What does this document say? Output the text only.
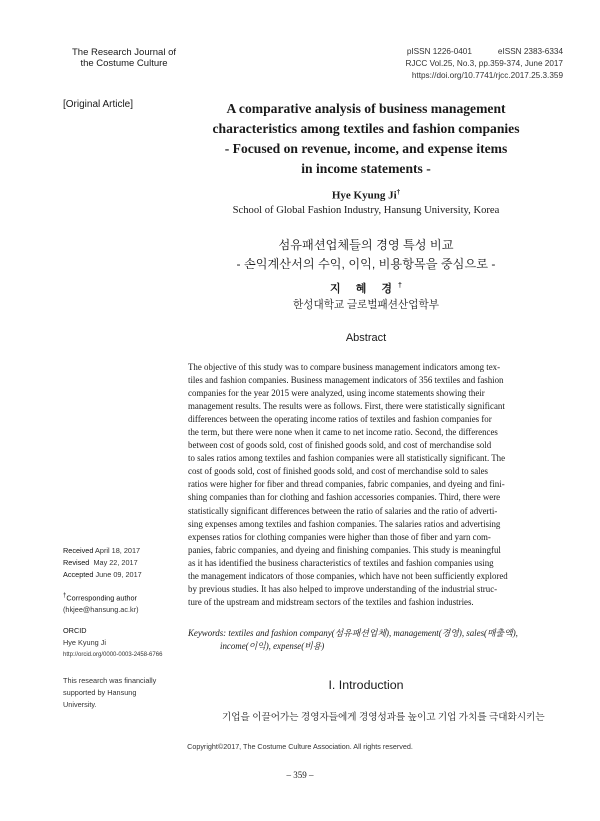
The Research Journal of
the Costume Culture
pISSN 1226-0401	eISSN 2383-6334
RJCC Vol.25, No.3, pp.359-374, June 2017
https://doi.org/10.7741/rjcc.2017.25.3.359
[Original Article]	A comparative analysis of business management
characteristics among textiles and fashion companies
- Focused on revenue, income, and expense items
in income statements -
Hye Kyung Ji†
School of Global Fashion Industry, Hansung University, Korea
섬유패션업체들의 경영 특성 비교
- 손익계산서의 수익, 이익, 비용항목을 중심으로 -
지 혜 경†
한성대학교 글로벌패션산업학부
Abstract
The objective of this study was to compare business management indicators among tex-
tiles and fashion companies. Business management indicators of 356 textiles and fashion
companies for the year 2015 were analyzed, using income statements showing their
management results. The results were as follows. First, there were statistically significant
differences between the operating income ratios of textiles and fashion companies for
the term, but there were none when it came to net income ratio. Second, the differences
between cost of goods sold, cost of finished goods sold, and cost of merchandise sold
to sales ratios among textiles and fashion companies were all statistically significant. The
cost of goods sold, cost of finished goods sold, and cost of merchandise sold to sales
ratios were higher for fiber and thread companies, fabric companies, and dyeing and fini-
shing companies than for clothing and fashion accessories companies. Third, there were
statistically significant differences between the ratio of salaries and the ratio of adverti-
sing expenses among textiles and fashion companies. The salaries ratios and advertising
expenses ratios for clothing companies were higher than those of fiber and yarn com-
panies, fabric companies, and dyeing and finishing companies. This study is meaningful
as it has identified the business characteristics of textiles and fashion companies using
the management indicators of those companies, which have not been sufficiently explored
by previous studies. It has also helped to improve understanding of the industrial struc-
ture of the upstream and midstream sectors of the textiles and fashion industries.
Keywords: textiles and fashion company(섬유패션업체), management(경영), sales(매출액), income(이익), expense(비용)
Received April 18, 2017
Revised May 22, 2017
Accepted June 09, 2017
†Corresponding author
(hkjee@hansung.ac.kr)
ORCID
Hye Kyung Ji
http://orcid.org/0000-0003-2458-6766
This research was financially
supported by Hansung
University.
I. Introduction
기업을 이끌어가는 경영자들에게 경영성과를 높이고 기업 가치를 극대화시키는
Copyright©2017, The Costume Culture Association. All rights reserved.
– 359 –
